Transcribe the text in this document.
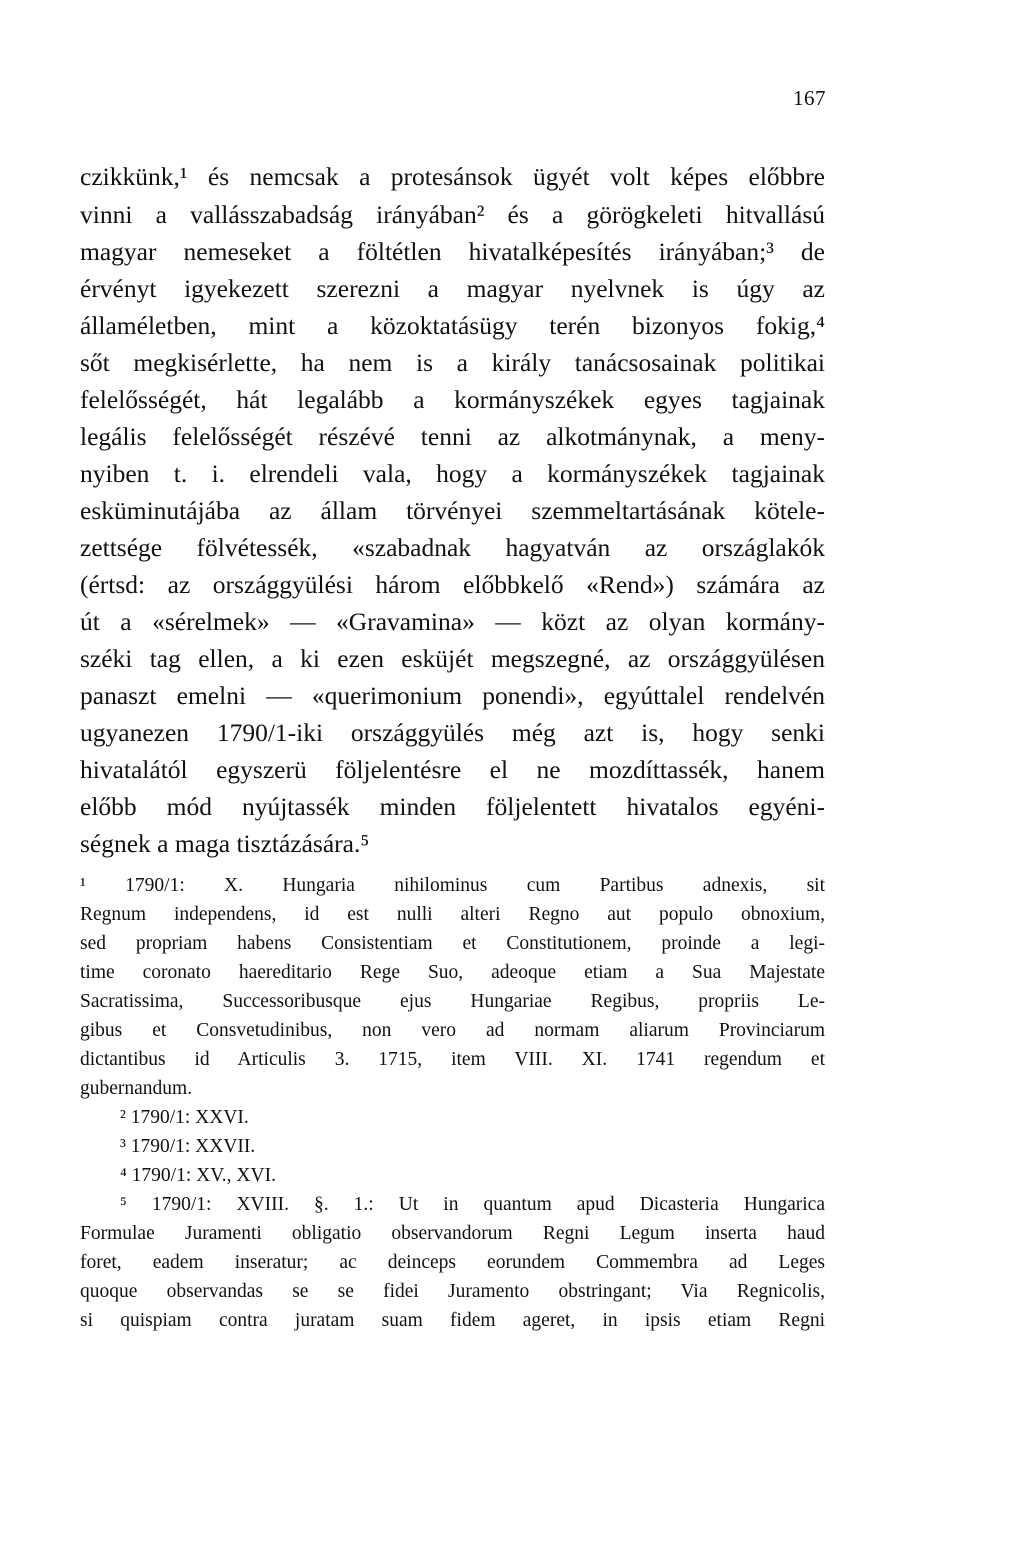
167
czikkünk,¹ és nemcsak a protesánsok ügyét volt képes előbbre
vinni a vallásszabadság irányában² és a görögkeleti hitvallású
magyar nemeseket a föltétlen hivatalképesítés irányában;³ de
érvényt igyekezett szerezni a magyar nyelvnek is úgy az
államéletben, mint a közoktatásügy terén bizonyos fokig,⁴
sőt megkisérlette, ha nem is a király tanácsosainak politikai
felelősségét, hát legalább a kormányszékek egyes tagjainak
legális felelősségét részévé tenni az alkotmánynak, a meny-
nyiben t. i. elrendeli vala, hogy a kormányszékek tagjainak
esküminutájába az állam törvényei szemmeltartásának kötele-
zettsége fölvétessék, «szabadnak hagyatván az országlakók
(értsd: az országgyülési három előbbkelő «Rend») számára az
út a «sérelmek» — «Gravamina» — közt az olyan kormány-
széki tag ellen, a ki ezen esküjét megszegné, az országgyülésen
panaszt emelni — «querimonium ponendi», egyúttalel rendelvén
ugyanezen 1790/1-iki országgyülés még azt is, hogy senki
hivatalától egyszerü följelentésre el ne mozdíttassék, hanem
előbb mód nyújtassék minden följelentett hivatalos egyéni-
ségnek a maga tisztázására.⁵
¹ 1790/1: X. Hungaria nihilominus cum Partibus adnexis, sit
Regnum independens, id est nulli alteri Regno aut populo obnoxium,
sed propriam habens Consistentiam et Constitutionem, proinde a legi-
time coronato haereditario Rege Suo, adeoque etiam a Sua Majestate
Sacratissima, Successoribusque ejus Hungariae Regibus, propriis Le-
gibus et Consvetudinibus, non vero ad normam aliarum Provinciarum
dictantibus id Articulis 3. 1715, item VIII. XI. 1741 regendum et
gubernandum.
² 1790/1: XXVI.
³ 1790/1: XXVII.
⁴ 1790/1: XV., XVI.
⁵ 1790/1: XVIII. §. 1.: Ut in quantum apud Dicasteria Hungarica
Formulae Juramenti obligatio observandorum Regni Legum inserta haud
foret, eadem inseratur; ac deinceps eorundem Commembra ad Leges
quoque observandas se se fidei Juramento obstringant; Via Regnicolis,
si quispiam contra juratam suam fidem ageret, in ipsis etiam Regni
